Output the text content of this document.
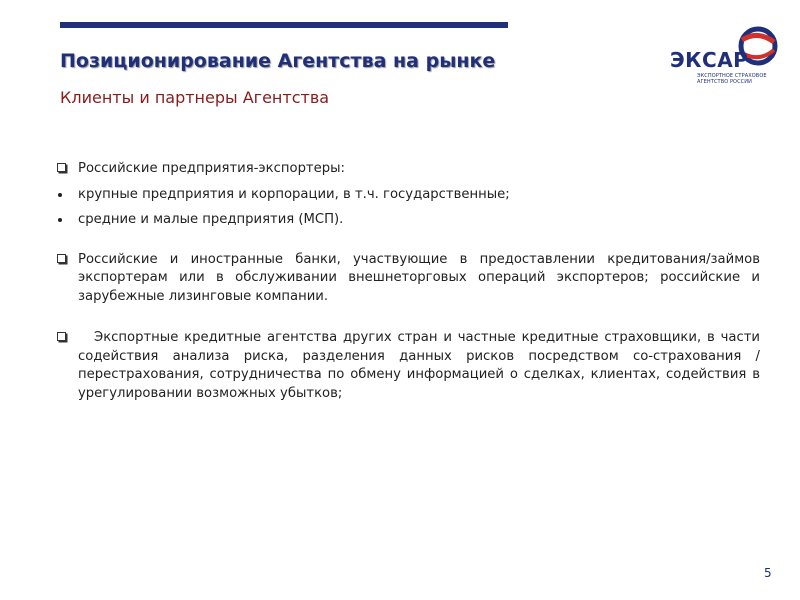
Позиционирование Агентства на рынке
Клиенты и партнеры Агентства
ЭКСАР
ЭКСПОРТНОЕ СТРАХОВОЕ
АГЕНТСТВО РОССИИ
Российские предприятия-экспортеры:
крупные предприятия и корпорации, в т.ч. государственные;
средние и малые предприятия (МСП).
Российские и иностранные банки, участвующие в предоставлении кредитования/займов экспортерам или в обслуживании внешнеторговых операций экспортеров; российские и зарубежные лизинговые компании.
Экспортные кредитные агентства других стран и частные кредитные страховщики, в части содействия анализа риска, разделения данных рисков посредством со-страхования / перестрахования, сотрудничества по обмену информацией о сделках, клиентах, содействия в урегулировании возможных убытков;
5
